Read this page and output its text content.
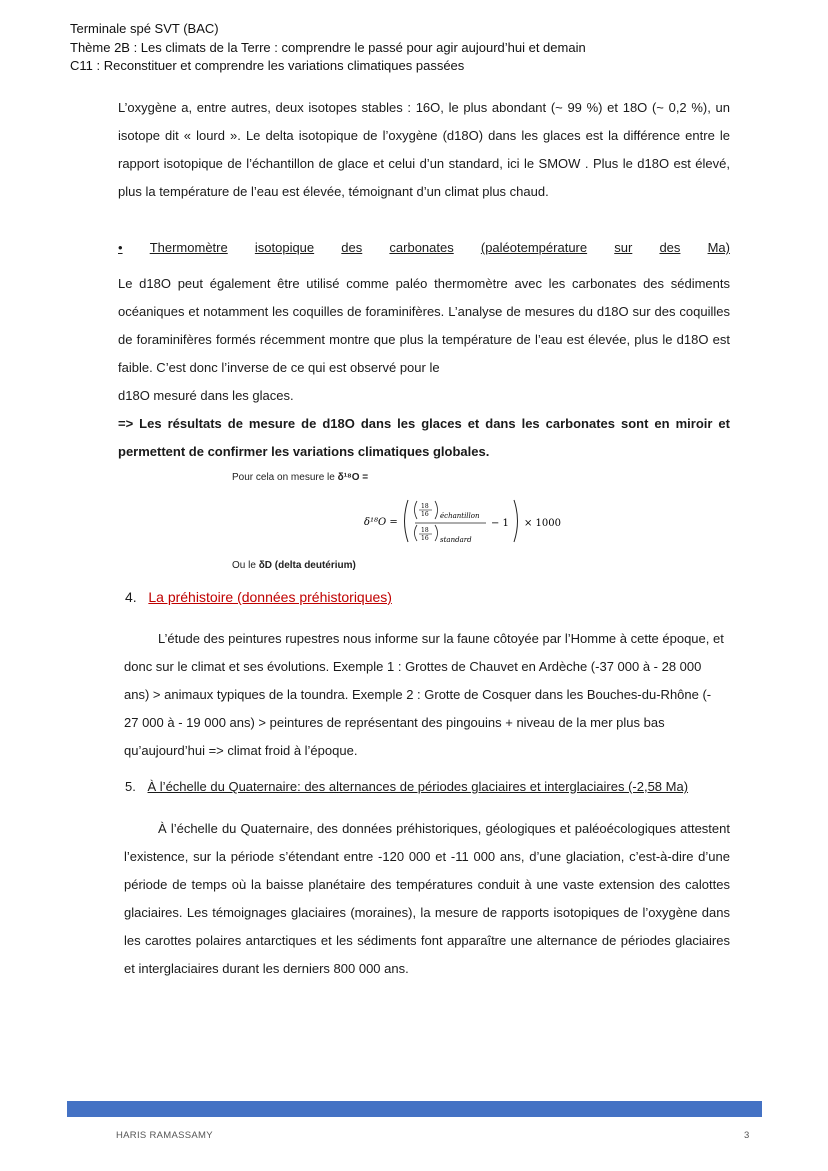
Terminale spé SVT (BAC)
Thème 2B : Les climats de la Terre : comprendre le passé pour agir aujourd’hui et demain
C11 : Reconstituer et comprendre les variations climatiques passées
L’oxygène a, entre autres, deux isotopes stables : 16O, le plus abondant (~ 99 %) et 18O (~ 0,2 %), un isotope dit « lourd ». Le delta isotopique de l’oxygène (d18O) dans les glaces est la différence entre le rapport isotopique de l’échantillon de glace et celui d’un standard, ici le SMOW . Plus le d18O est élevé, plus la température de l’eau est élevée, témoignant d’un climat plus chaud.
• Thermomètre isotopique des carbonates (paléotempérature sur des Ma)
Le d18O peut également être utilisé comme paléo thermomètre avec les carbonates des sédiments océaniques et notamment les coquilles de foraminifères. L’analyse de mesures du d18O sur des coquilles de foraminifères formés récemment montre que plus la température de l’eau est élevée, plus le d18O est faible. C’est donc l’inverse de ce qui est observé pour le
d18O mesuré dans les glaces.
=> Les résultats de mesure de d18O dans les glaces et dans les carbonates sont en miroir et permettent de confirmer les variations climatiques globales.
Pour cela on mesure le δ¹⁸O =
δ¹⁸O =
18
16 échantillon
18
16 standard
− 1 × 1000
Ou le δD (delta deutérium)
4. La préhistoire (données préhistoriques)
L’étude des peintures rupestres nous informe sur la faune côtoyée par l’Homme à cette époque, et donc sur le climat et ses évolutions. Exemple 1 : Grottes de Chauvet en Ardèche (-37 000 à - 28 000 ans) > animaux typiques de la toundra. Exemple 2 : Grotte de Cosquer dans les Bouches-du-Rhône (- 27 000 à - 19 000 ans) > peintures de représentant des pingouins + niveau de la mer plus bas qu’aujourd’hui => climat froid à l’époque.
5.
À l’échelle du Quaternaire: des alternances de périodes glaciaires et interglaciaires (-2,58 Ma)
À l’échelle du Quaternaire, des données préhistoriques, géologiques et paléoécologiques attestent l’existence, sur la période s’étendant entre -120 000 et -11 000 ans, d’une glaciation, c’est-à-dire d’une période de temps où la baisse planétaire des températures conduit à une vaste extension des calottes glaciaires. Les témoignages glaciaires (moraines), la mesure de rapports isotopiques de l’oxygène dans les carottes polaires antarctiques et les sédiments font apparaître une alternance de périodes glaciaires et interglaciaires durant les derniers 800 000 ans.
HARIS RAMASSAMY	3
